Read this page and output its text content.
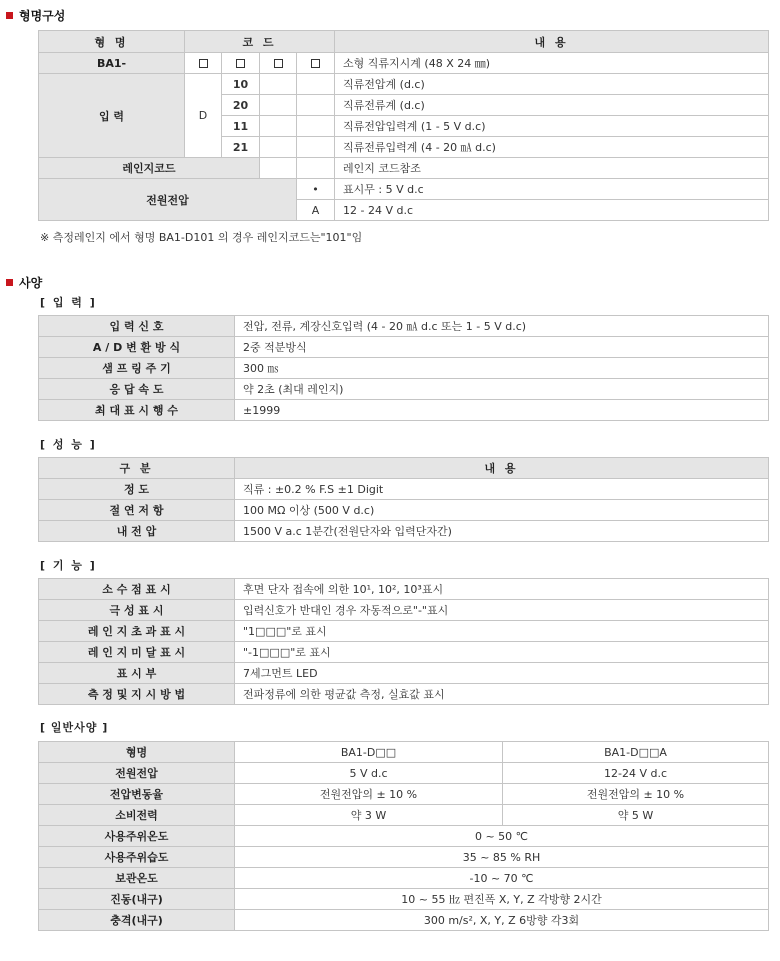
형명구성
형 명	코 드				내 용
BA1-					소형 직류지시계 (48 X 24 ㎜)
입 력	D	10			직류전압계 (d.c)
		20			직류전류계 (d.c)
		11			직류전압입력계 (1 - 5 V d.c)
		21			직류전류입력계 (4 - 20 ㎃ d.c)
레인지코드					레인지 코드참조
전원전압				•	표시무 : 5 V d.c
				A	12 - 24 V d.c
※ 측정레인지 에서 형명 BA1-D101 의 경우 레인지코드는"101"임
사양
[ 입 력 ]
입 력 신 호	전압, 전류, 계장신호입력 (4 - 20 ㎃ d.c 또는 1 - 5 V d.c)
A / D 변 환 방 식	2중 적분방식
샘 프 링 주 기	300 ㎳
응 답 속 도	약 2초 (최대 레인지)
최 대 표 시 행 수	±1999
[ 성 능 ]
구 분	내 용
정 도	직류 : ±0.2 % F.S ±1 Digit
절 연 저 항	100 MΩ 이상 (500 V d.c)
내 전 압	1500 V a.c 1분간(전원단자와 입력단자간)
[ 기 능 ]
소 수 점 표 시	후면 단자 접속에 의한 10¹, 10², 10³표시
극 성 표 시	입력신호가 반대인 경우 자동적으로"-"표시
레 인 지 초 과 표 시	"1□□□"로 표시
레 인 지 미 달 표 시	"-1□□□"로 표시
표 시 부	7세그먼트 LED
측 정 및 지 시 방 법	전파정류에 의한 평균값 측정, 실효값 표시
[ 일반사양 ]
형명	BA1-D□□	BA1-D□□A
전원전압	5 V d.c	12-24 V d.c
전압변동율	전원전압의 ± 10 %	전원전압의 ± 10 %
소비전력	약 3 W	약 5 W
사용주위온도	0 ~ 50 ℃	
사용주위습도	35 ~ 85 % RH	
보관온도	-10 ~ 70 ℃	
진동(내구)	10 ~ 55 ㎐ 편진폭 X, Y, Z 각방향 2시간	
충격(내구)	300 m/s², X, Y, Z 6방향 각3회	
